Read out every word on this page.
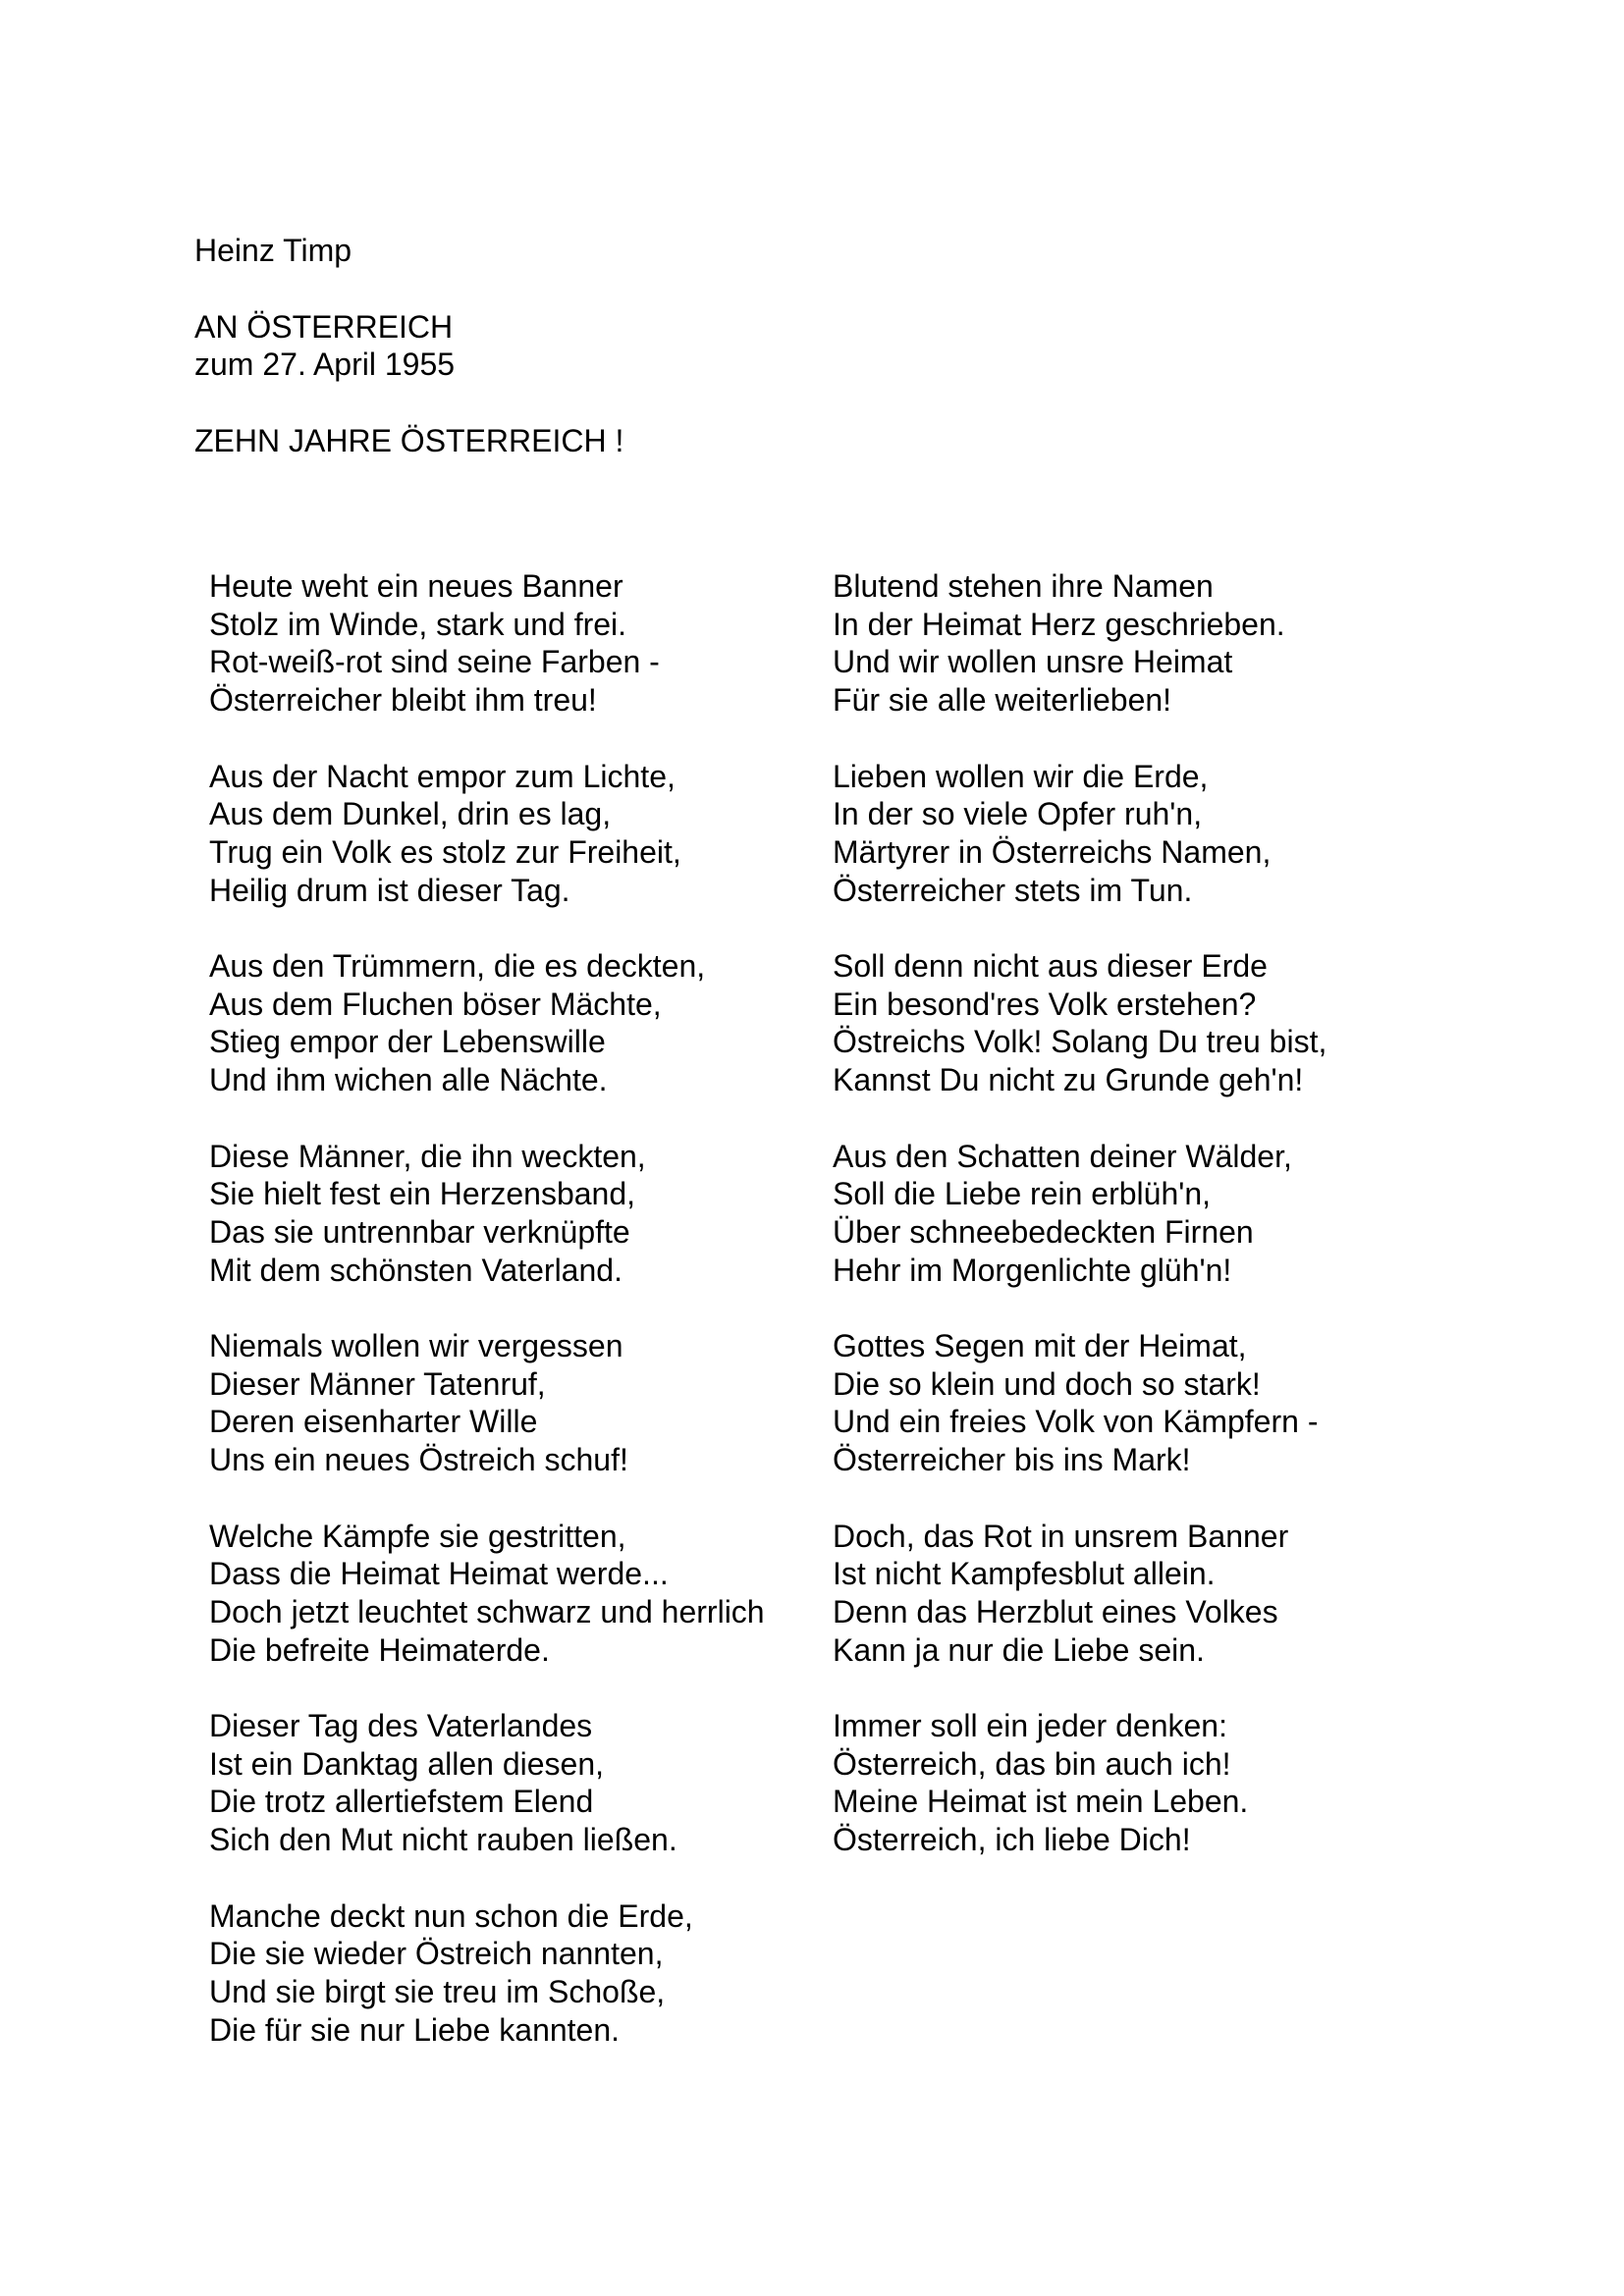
Heinz Timp
AN ÖSTERREICH
zum 27. April 1955
ZEHN JAHRE ÖSTERREICH !
Heute weht ein neues Banner
Stolz im Winde, stark und frei.
Rot-weiß-rot sind seine Farben -
Österreicher bleibt ihm treu!
Aus der Nacht empor zum Lichte,
Aus dem Dunkel, drin es lag,
Trug ein Volk es stolz zur Freiheit,
Heilig drum ist dieser Tag.
Aus den Trümmern, die es deckten,
Aus dem Fluchen böser Mächte,
Stieg empor der Lebenswille
Und ihm wichen alle Nächte.
Diese Männer, die ihn weckten,
Sie hielt fest ein Herzensband,
Das sie untrennbar verknüpfte
Mit dem schönsten Vaterland.
Niemals wollen wir vergessen
Dieser Männer Tatenruf,
Deren eisenharter Wille
Uns ein neues Östreich schuf!
Welche Kämpfe sie gestritten,
Dass die Heimat Heimat werde...
Doch jetzt leuchtet schwarz und herrlich
Die befreite Heimaterde.
Dieser Tag des Vaterlandes
Ist ein Danktag allen diesen,
Die trotz allertiefstem Elend
Sich den Mut nicht rauben ließen.
Manche deckt nun schon die Erde,
Die sie wieder Östreich nannten,
Und sie birgt sie treu im Schoße,
Die für sie nur Liebe kannten.
Blutend stehen ihre Namen
In der Heimat Herz geschrieben.
Und wir wollen unsre Heimat
Für sie alle weiterlieben!
Lieben wollen wir die Erde,
In der so viele Opfer ruh'n,
Märtyrer in Österreichs Namen,
Österreicher stets im Tun.
Soll denn nicht aus dieser Erde
Ein besond'res Volk erstehen?
Östreichs Volk! Solang Du treu bist,
Kannst Du nicht zu Grunde geh'n!
Aus den Schatten deiner Wälder,
Soll die Liebe rein erblüh'n,
Über schneebedeckten Firnen
Hehr im Morgenlichte glüh'n!
Gottes Segen mit der Heimat,
Die so klein und doch so stark!
Und ein freies Volk von Kämpfern -
Österreicher bis ins Mark!
Doch, das Rot in unsrem Banner
Ist nicht Kampfesblut allein.
Denn das Herzblut eines Volkes
Kann ja nur die Liebe sein.
Immer soll ein jeder denken:
Österreich, das bin auch ich!
Meine Heimat ist mein Leben.
Österreich, ich liebe Dich!
